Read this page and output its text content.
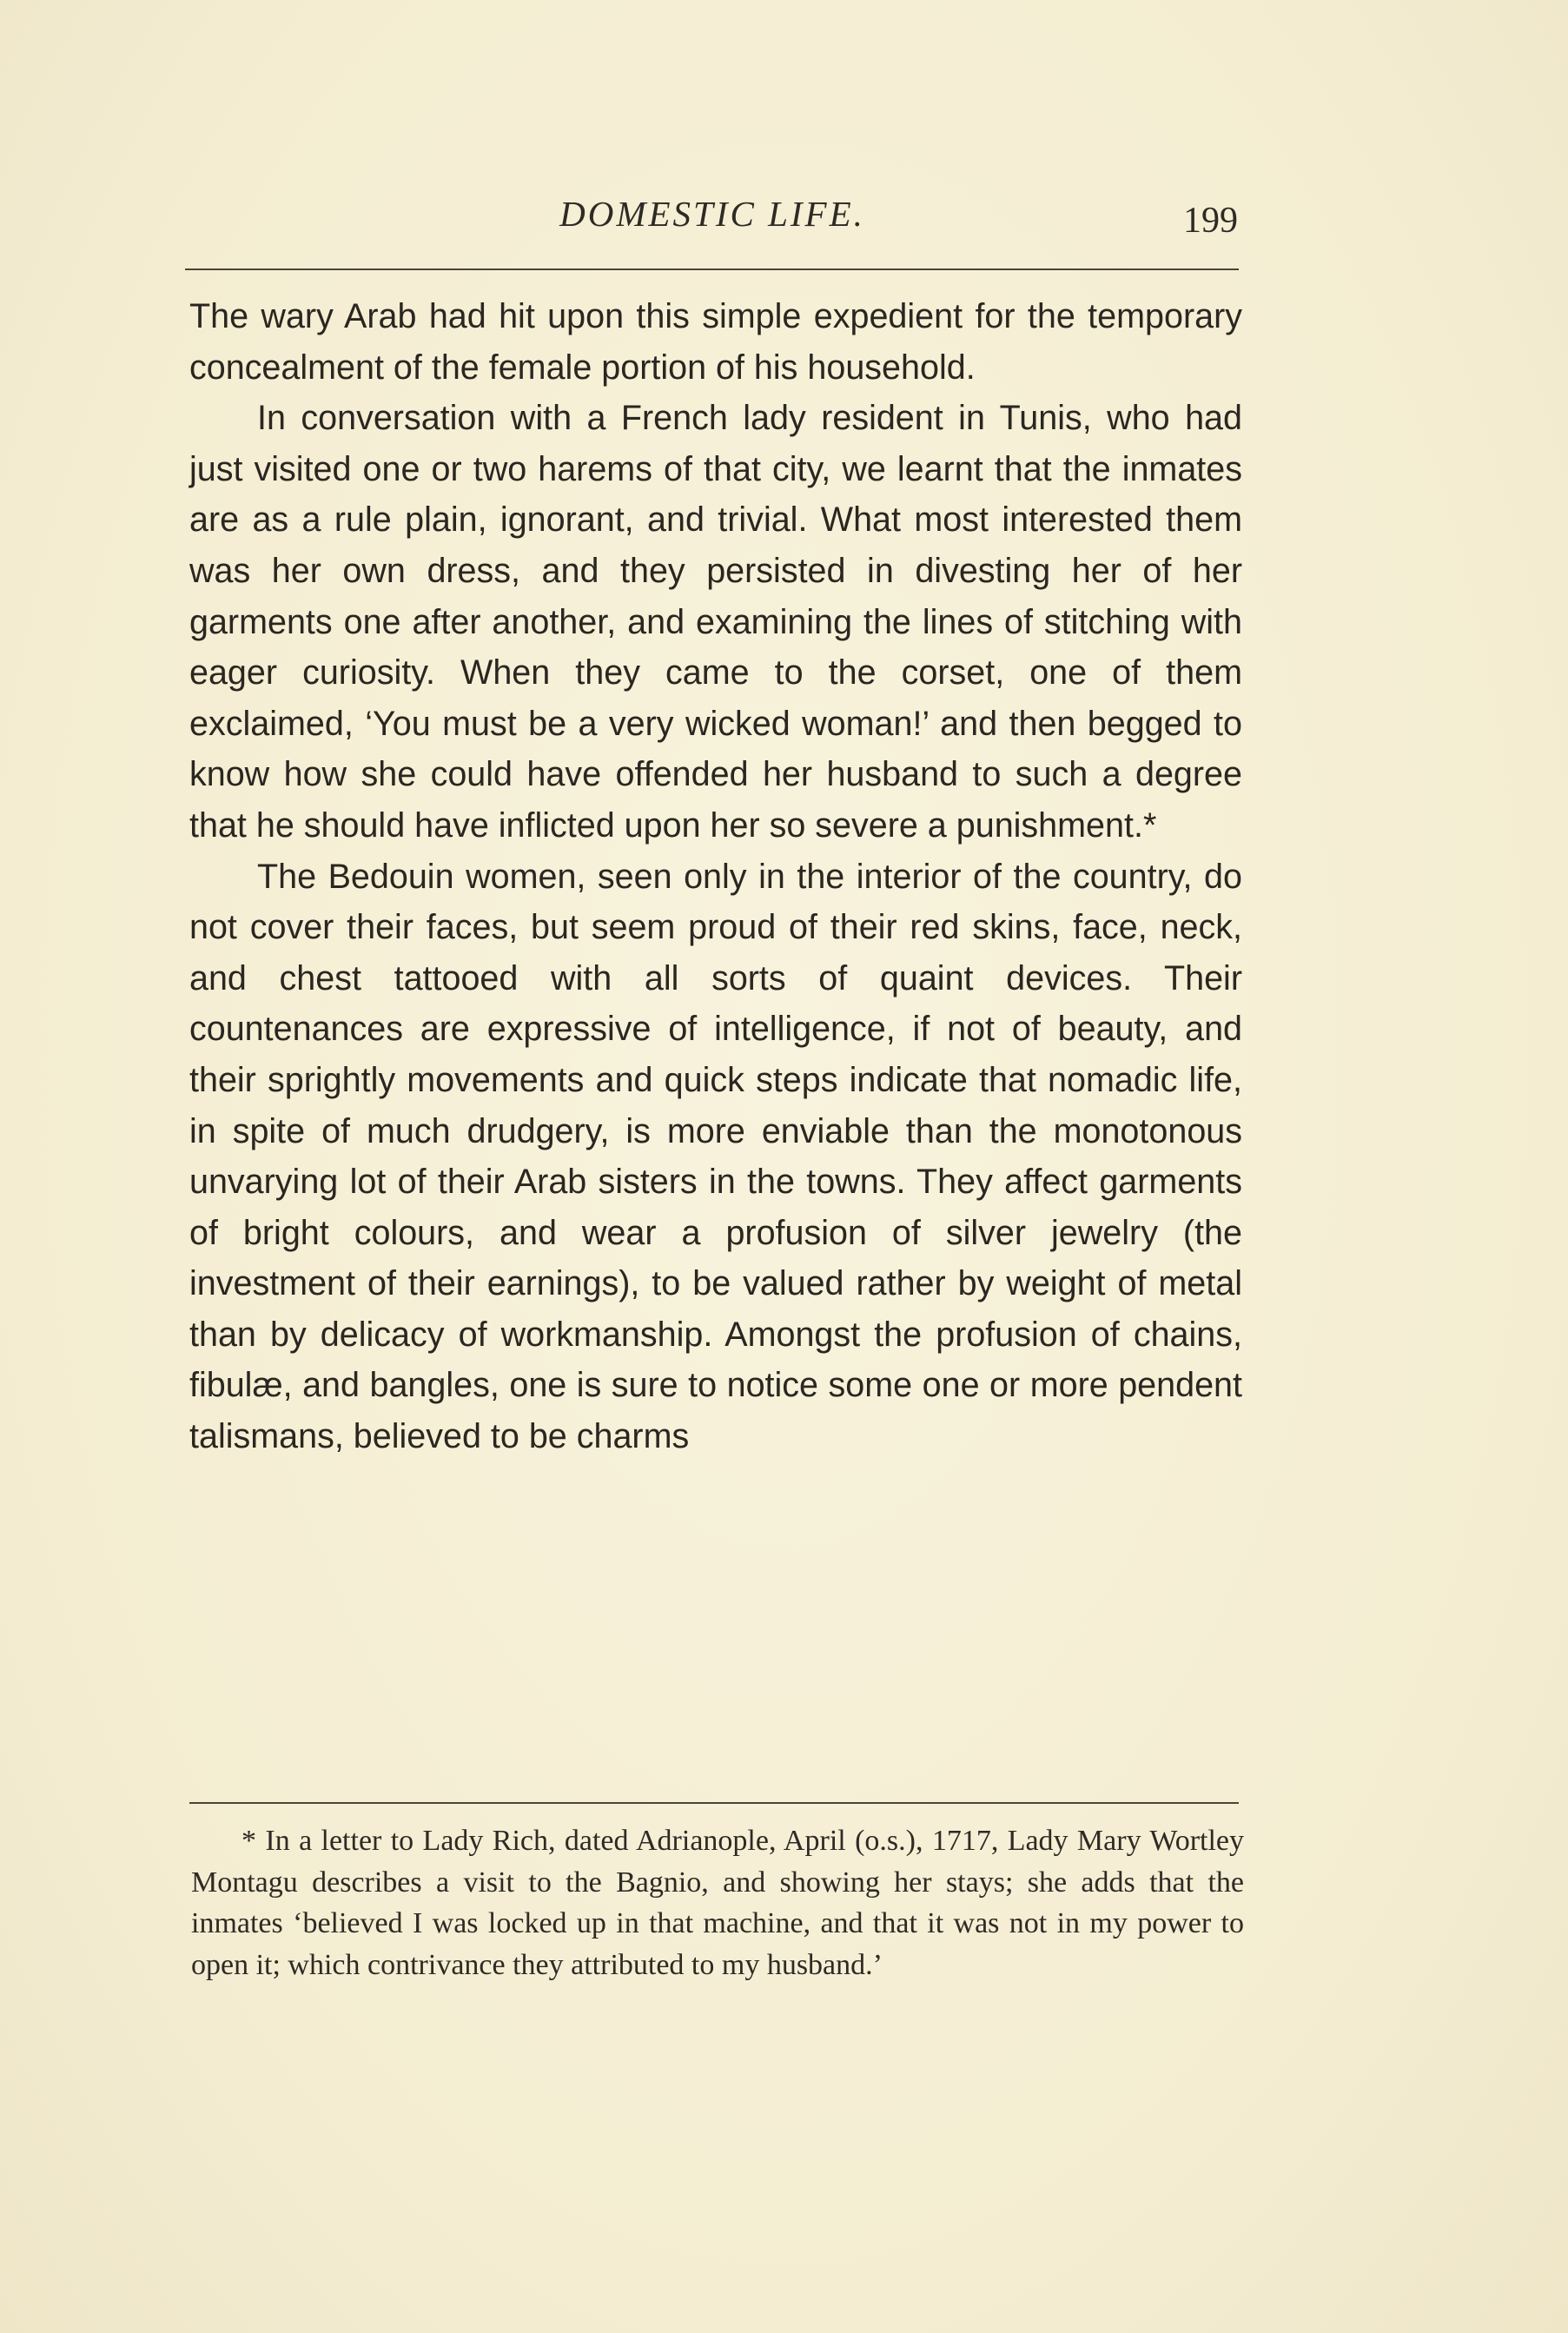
DOMESTIC LIFE.	199

The wary Arab had hit upon this simple expedient for the temporary concealment of the female portion of his household.

In conversation with a French lady resident in Tunis, who had just visited one or two harems of that city, we learnt that the inmates are as a rule plain, ignorant, and trivial. What most interested them was her own dress, and they persisted in divesting her of her garments one after another, and examining the lines of stitching with eager curiosity. When they came to the corset, one of them exclaimed, ‘You must be a very wicked woman!’ and then begged to know how she could have offended her husband to such a degree that he should have inflicted upon her so severe a punishment.*

The Bedouin women, seen only in the interior of the country, do not cover their faces, but seem proud of their red skins, face, neck, and chest tattooed with all sorts of quaint devices. Their countenances are expressive of intelligence, if not of beauty, and their sprightly movements and quick steps indicate that nomadic life, in spite of much drudgery, is more enviable than the monotonous unvarying lot of their Arab sisters in the towns. They affect garments of bright colours, and wear a profusion of silver jewelry (the investment of their earnings), to be valued rather by weight of metal than by delicacy of workmanship. Amongst the profusion of chains, fibulæ, and bangles, one is sure to notice some one or more pendent talismans, believed to be charms

* In a letter to Lady Rich, dated Adrianople, April (o.s.), 1717, Lady Mary Wortley Montagu describes a visit to the Bagnio, and showing her stays; she adds that the inmates ‘believed I was locked up in that machine, and that it was not in my power to open it; which contrivance they attributed to my husband.’
